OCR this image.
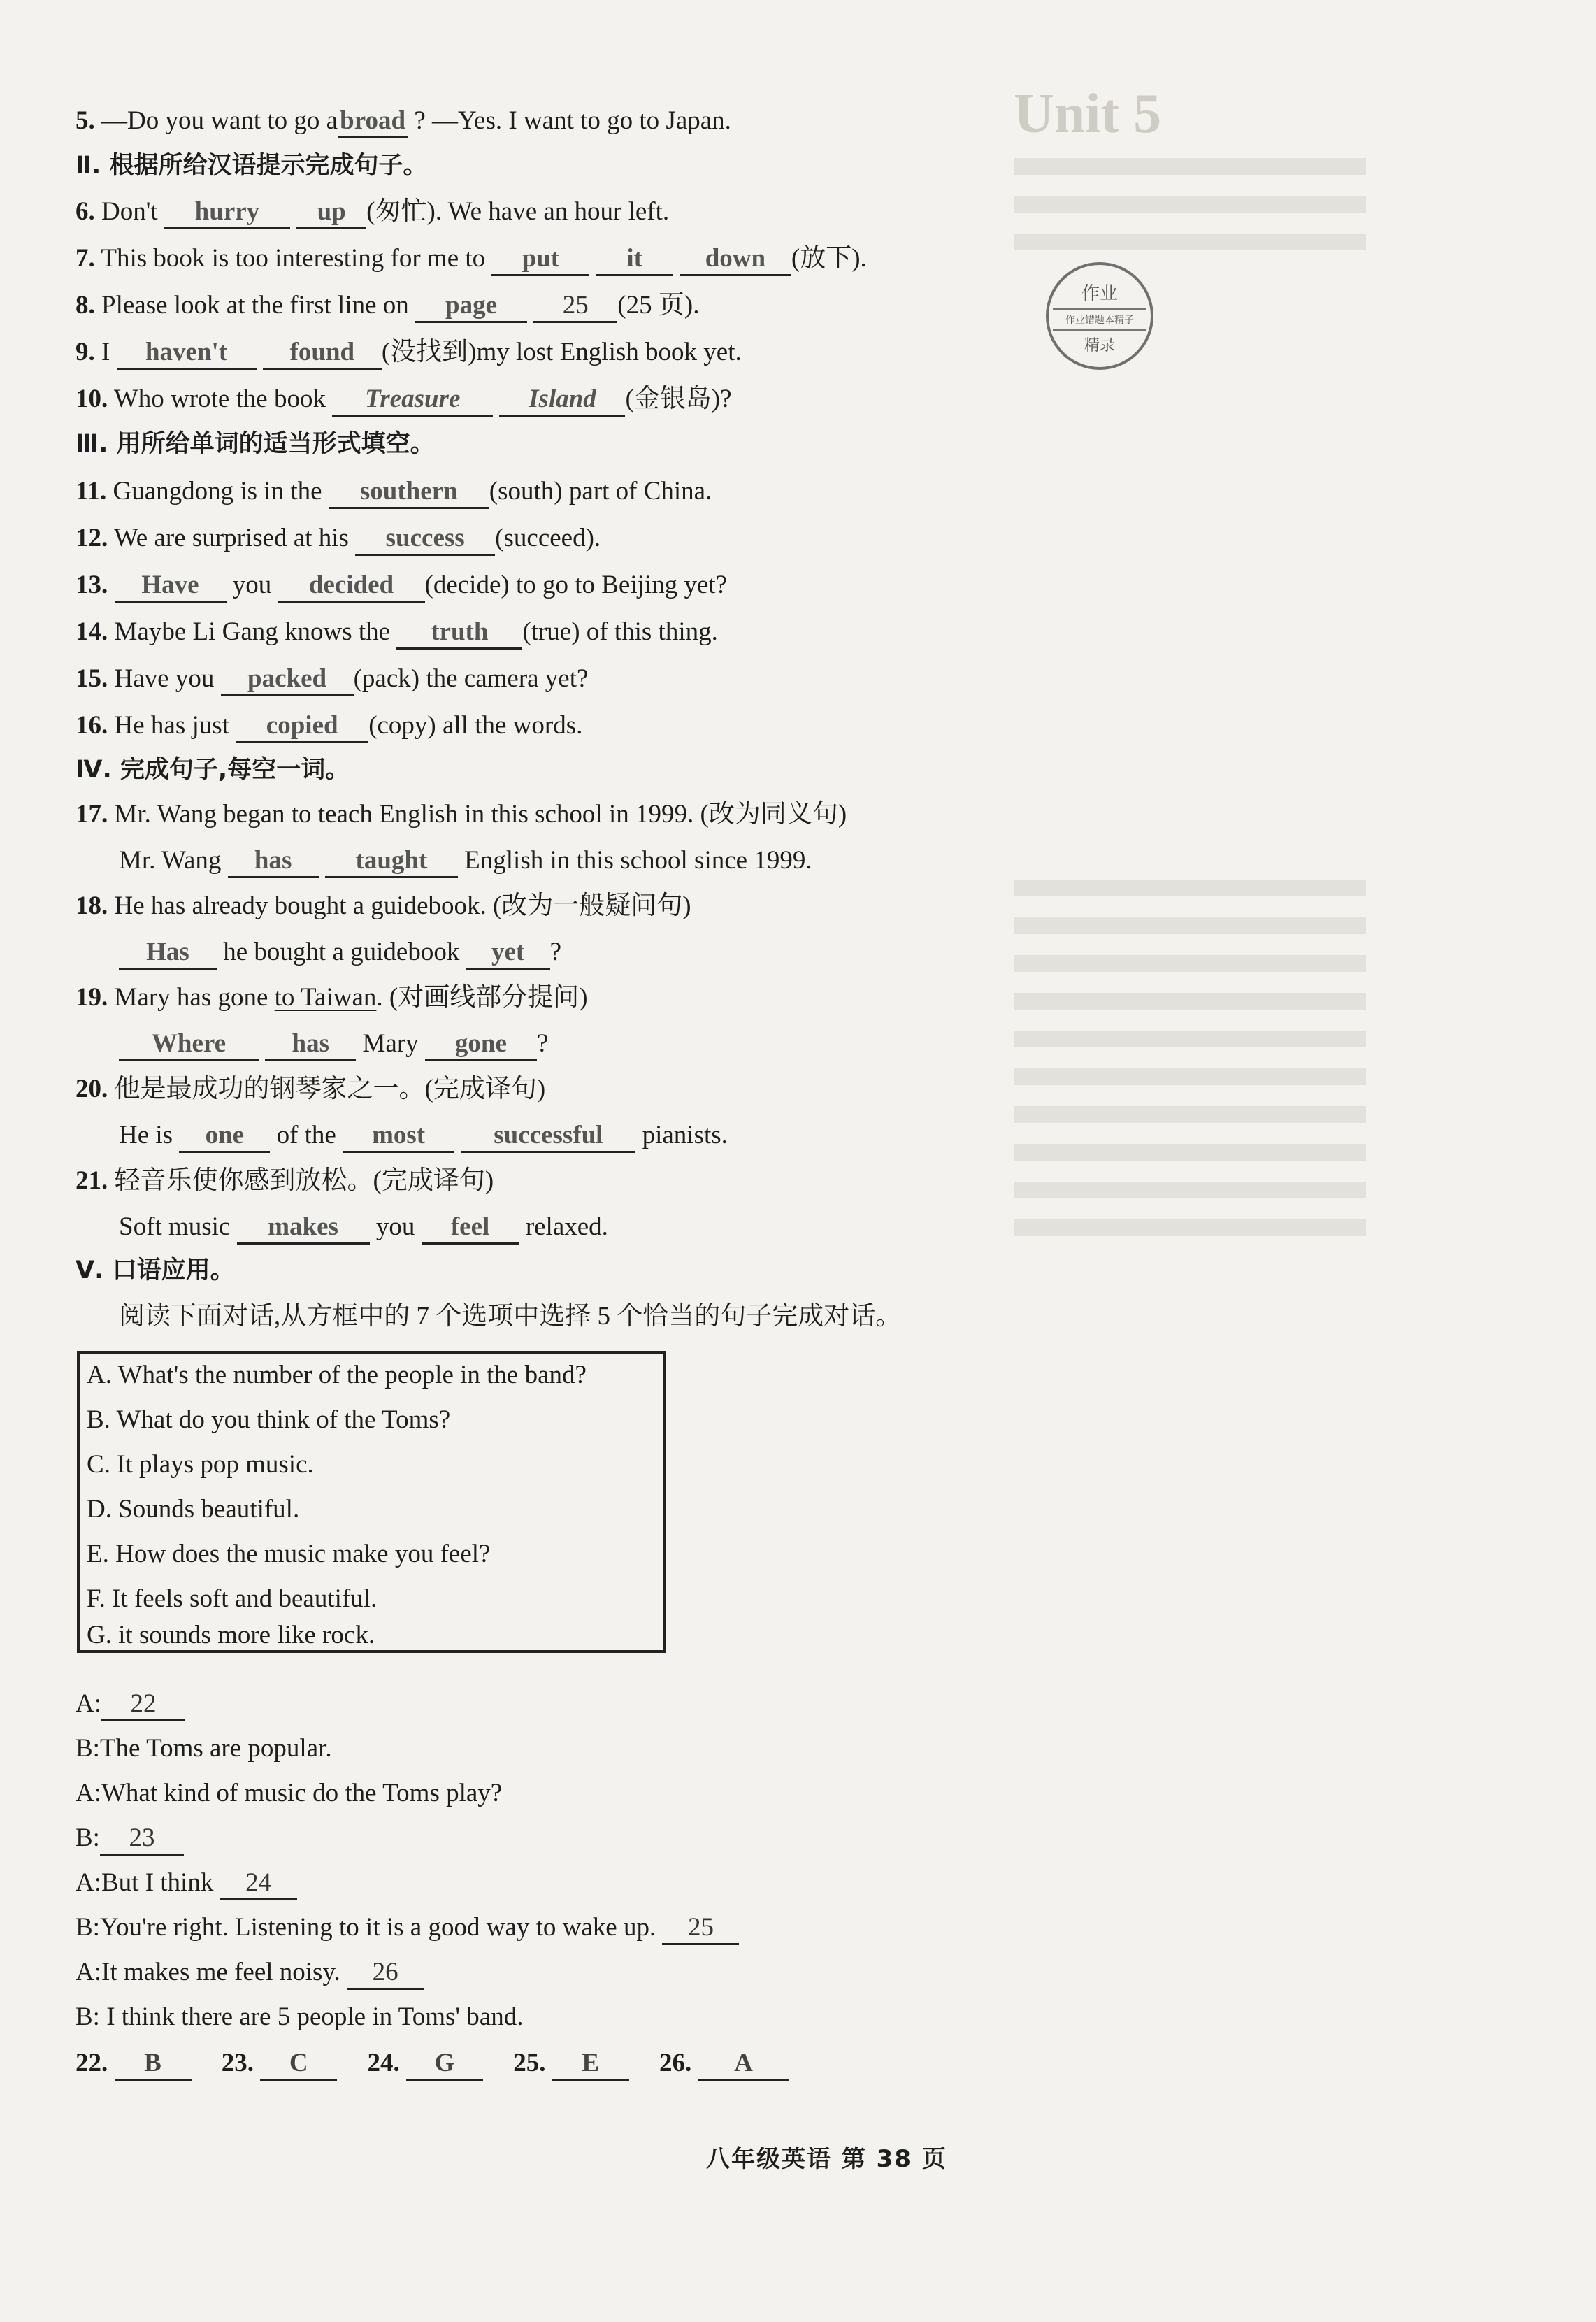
Unit 5
作业
作业错题本精子
精录
5. —Do you want to go abroad ? —Yes. I want to go to Japan.
Ⅱ. 根据所给汉语提示完成句子。
6. Don't hurry up (匆忙). We have an hour left.
7. This book is too interesting for me to put	it down (放下).
8. Please look at the first line on page	25 (25 页).
9. I haven't found (没找到)my lost English book yet.
10. Who wrote the book Treasure	Island (金银岛)?
Ⅲ. 用所给单词的适当形式填空。
11. Guangdong is in the southern (south) part of China.
12. We are surprised at his success (succeed).
13. Have you decided (decide) to go to Beijing yet?
14. Maybe Li Gang knows the truth (true) of this thing.
15. Have you packed (pack) the camera yet?
16. He has just copied (copy) all the words.
Ⅳ. 完成句子,每空一词。
17. Mr. Wang began to teach English in this school in 1999. (改为同义句)
Mr. Wang has taught English in this school since 1999.
18. He has already bought a guidebook. (改为一般疑问句)
Has he bought a guidebook yet ?
19. Mary has gone to Taiwan. (对画线部分提问)
Where	has Mary gone ?
20. 他是最成功的钢琴家之一。(完成译句)
He is one of the most	successful pianists.
21. 轻音乐使你感到放松。(完成译句)
Soft music makes you feel relaxed.
Ⅴ. 口语应用。
阅读下面对话,从方框中的 7 个选项中选择 5 个恰当的句子完成对话。
A: 22
B:The Toms are popular.
A:What kind of music do the Toms play?
B: 23
A:But I think 24
B:You're right. Listening to it is a good way to wake up. 25
A:It makes me feel noisy. 26
B: I think there are 5 people in Toms' band.
22. B 23. C 24. G 25. E 26. A
A. What's the number of the people in the band?
B. What do you think of the Toms?
C. It plays pop music.
D. Sounds beautiful.
E. How does the music make you feel?
F. It feels soft and beautiful.
G. it sounds more like rock.
八年级英语 第 38 页
